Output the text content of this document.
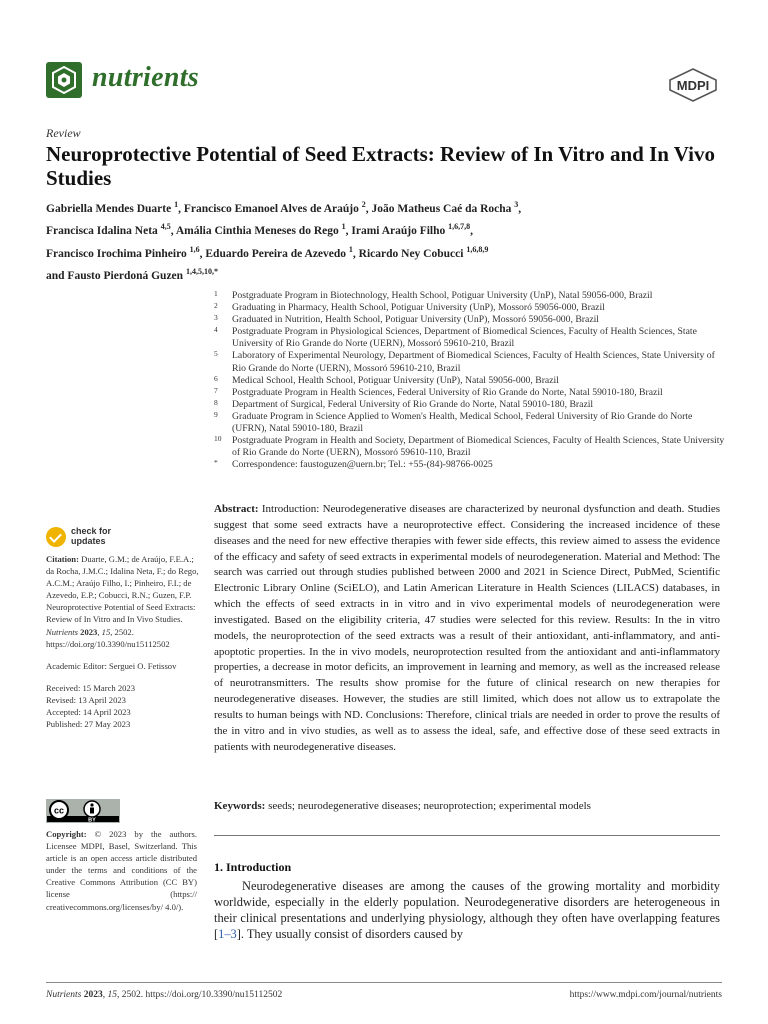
nutrients	MDPI
Review
Neuroprotective Potential of Seed Extracts: Review of In Vitro and In Vivo Studies
Gabriella Mendes Duarte $^1$, Francisco Emanoel Alves de Araújo $^2$, João Matheus Caé da Rocha $^3$,
Francisca Idalina Neta $^{4,5}$, Amália Cinthia Meneses do Rego $^1$, Irami Araújo Filho $^{1,6,7,8}$,
Francisco Irochima Pinheiro $^{1,6}$, Eduardo Pereira de Azevedo $^1$, Ricardo Ney Cobucci $^{1,6,8,9}$
and Fausto Pierdoná Guzen $^{1,4,5,10,*}$
1 Postgraduate Program in Biotechnology, Health School, Potiguar University (UnP), Natal 59056-000, Brazil
2 Graduating in Pharmacy, Health School, Potiguar University (UnP), Mossoró 59056-000, Brazil
3 Graduated in Nutrition, Health School, Potiguar University (UnP), Mossoró 59056-000, Brazil
4 Postgraduate Program in Physiological Sciences, Department of Biomedical Sciences, Faculty of Health Sciences, State University of Rio Grande do Norte (UERN), Mossoró 59610-210, Brazil
5 Laboratory of Experimental Neurology, Department of Biomedical Sciences, Faculty of Health Sciences, State University of Rio Grande do Norte (UERN), Mossoró 59610-210, Brazil
6 Medical School, Health School, Potiguar University (UnP), Natal 59056-000, Brazil
7 Postgraduate Program in Health Sciences, Federal University of Rio Grande do Norte, Natal 59010-180, Brazil
8 Department of Surgical, Federal University of Rio Grande do Norte, Natal 59010-180, Brazil
9 Graduate Program in Science Applied to Women's Health, Medical School, Federal University of Rio Grande do Norte (UFRN), Natal 59010-180, Brazil
10 Postgraduate Program in Health and Society, Department of Biomedical Sciences, Faculty of Health Sciences, State University of Rio Grande do Norte (UERN), Mossoró 59610-110, Brazil
* Correspondence: faustoguzen@uern.br; Tel.: +55-(84)-98766-0025
check for
updates

Citation: Duarte, G.M.; de Araújo, F.E.A.; da Rocha, J.M.C.; Idalina Neta, F.; do Rego, A.C.M.; Araújo Filho, I.; Pinheiro, F.I.; de Azevedo, E.P.; Cobucci, R.N.; Guzen, F.P. Neuroprotective Potential of Seed Extracts: Review of In Vitro and In Vivo Studies. Nutrients 2023, 15, 2502. https://doi.org/10.3390/nu15112502

Academic Editor: Serguei O. Fetissov

Received: 15 March 2023

Revised: 13 April 2023

Accepted: 14 April 2023

Published: 27 May 2023

cc
BY
Copyright: © 2023 by the authors. Licensee MDPI, Basel, Switzerland. This article is an open access article distributed under the terms and conditions of the Creative Commons Attribution (CC BY) license (https:// creativecommons.org/licenses/by/ 4.0/).
Abstract: Introduction: Neurodegenerative diseases are characterized by neuronal dysfunction and death. Studies suggest that some seed extracts have a neuroprotective effect. Considering the increased incidence of these diseases and the need for new effective therapies with fewer side effects, this review aimed to assess the evidence of the efficacy and safety of seed extracts in experimental models of neurodegeneration. Material and Method: The search was carried out through studies published between 2000 and 2021 in Science Direct, PubMed, Scientific Electronic Library Online (SciELO), and Latin American Literature in Health Sciences (LILACS) databases, in which the effects of seed extracts in in vitro and in vivo experimental models of neurodegeneration were investigated. Based on the eligibility criteria, 47 studies were selected for this review. Results: In the in vitro models, the neuroprotection of the seed extracts was a result of their antioxidant, anti-inflammatory, and anti-apoptotic properties. In the in vivo models, neuroprotection resulted from the antioxidant and anti-inflammatory properties, a decrease in motor deficits, an improvement in learning and memory, as well as the increased release of neurotransmitters. The results show promise for the future of clinical research on new therapies for neurodegenerative diseases. However, the studies are still limited, which does not allow us to extrapolate the results to human beings with ND. Conclusions: Therefore, clinical trials are needed in order to prove the results of the in vitro and in vivo studies, as well as to assess the ideal, safe, and effective dose of these seed extracts in patients with neurodegenerative diseases.
Keywords: seeds; neurodegenerative diseases; neuroprotection; experimental models
1. Introduction
Neurodegenerative diseases are among the causes of the growing mortality and morbidity worldwide, especially in the elderly population. Neurodegenerative disorders are heterogeneous in their clinical presentations and underlying physiology, although they often have overlapping features [1–3]. They usually consist of disorders caused by
Nutrients 2023, 15, 2502. https://doi.org/10.3390/nu15112502	https://www.mdpi.com/journal/nutrients
